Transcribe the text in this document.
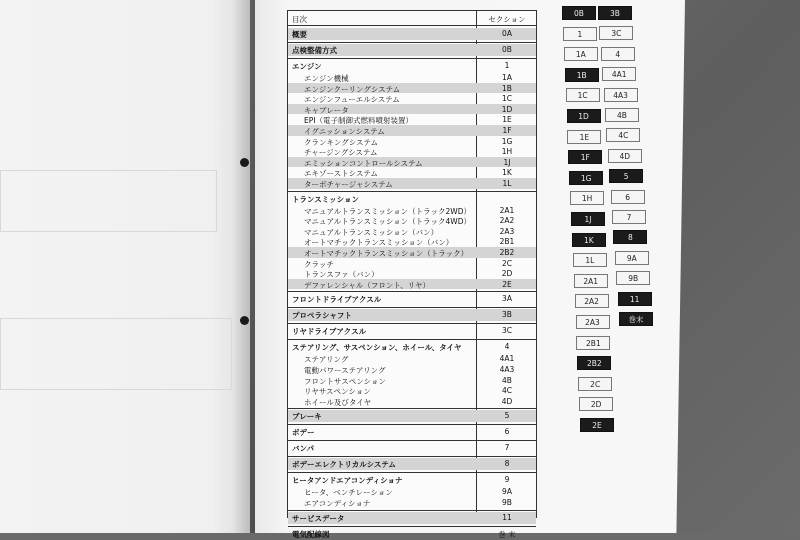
目次	セクション
概要	0A
点検整備方式	0B
エンジン	1
エンジン機械	1A
エンジンクーリングシステム	1B
エンジンフューエルシステム	1C
キャブレータ	1D
EPI（電子制御式燃料噴射装置）	1E
イグニッションシステム	1F
クランキングシステム	1G
チャージングシステム	1H
エミッションコントロールシステム	1J
エキゾーストシステム	1K
ターボチャージャシステム	1L
トランスミッション
マニュアルトランスミッション（トラック2WD）	2A1
マニュアルトランスミッション（トラック4WD）	2A2
マニュアルトランスミッション（バン）	2A3
オートマチックトランスミッション（バン）	2B1
オートマチックトランスミッション（トラック）	2B2
クラッチ	2C
トランスファ（バン）	2D
デファレンシャル（フロント、リヤ）	2E
フロントドライブアクスル	3A
プロペラシャフト	3B
リヤドライブアクスル	3C
ステアリング、サスペンション、ホイール、タイヤ	4
ステアリング	4A1
電動パワーステアリング	4A3
フロントサスペンション	4B
リヤサスペンション	4C
ホイール及びタイヤ	4D
ブレーキ	5
ボデー	6
バンパ	7
ボデーエレクトリカルシステム	8
ヒータアンドエアコンディショナ	9
ヒータ、ベンチレーション	9A
エアコンディショナ	9B
サービスデータ	11
電気配線図	巻 末
0B
1
1A
1B
1C
1D
1E
1F
1G
1H
1J
1K
1L
2A1
2A2
2A3
2B1
2B2
2C
2D
2E
3B
3C
4
4A1
4A3
4B
4C
4D
5
6
7
8
9A
9B
11
巻末
